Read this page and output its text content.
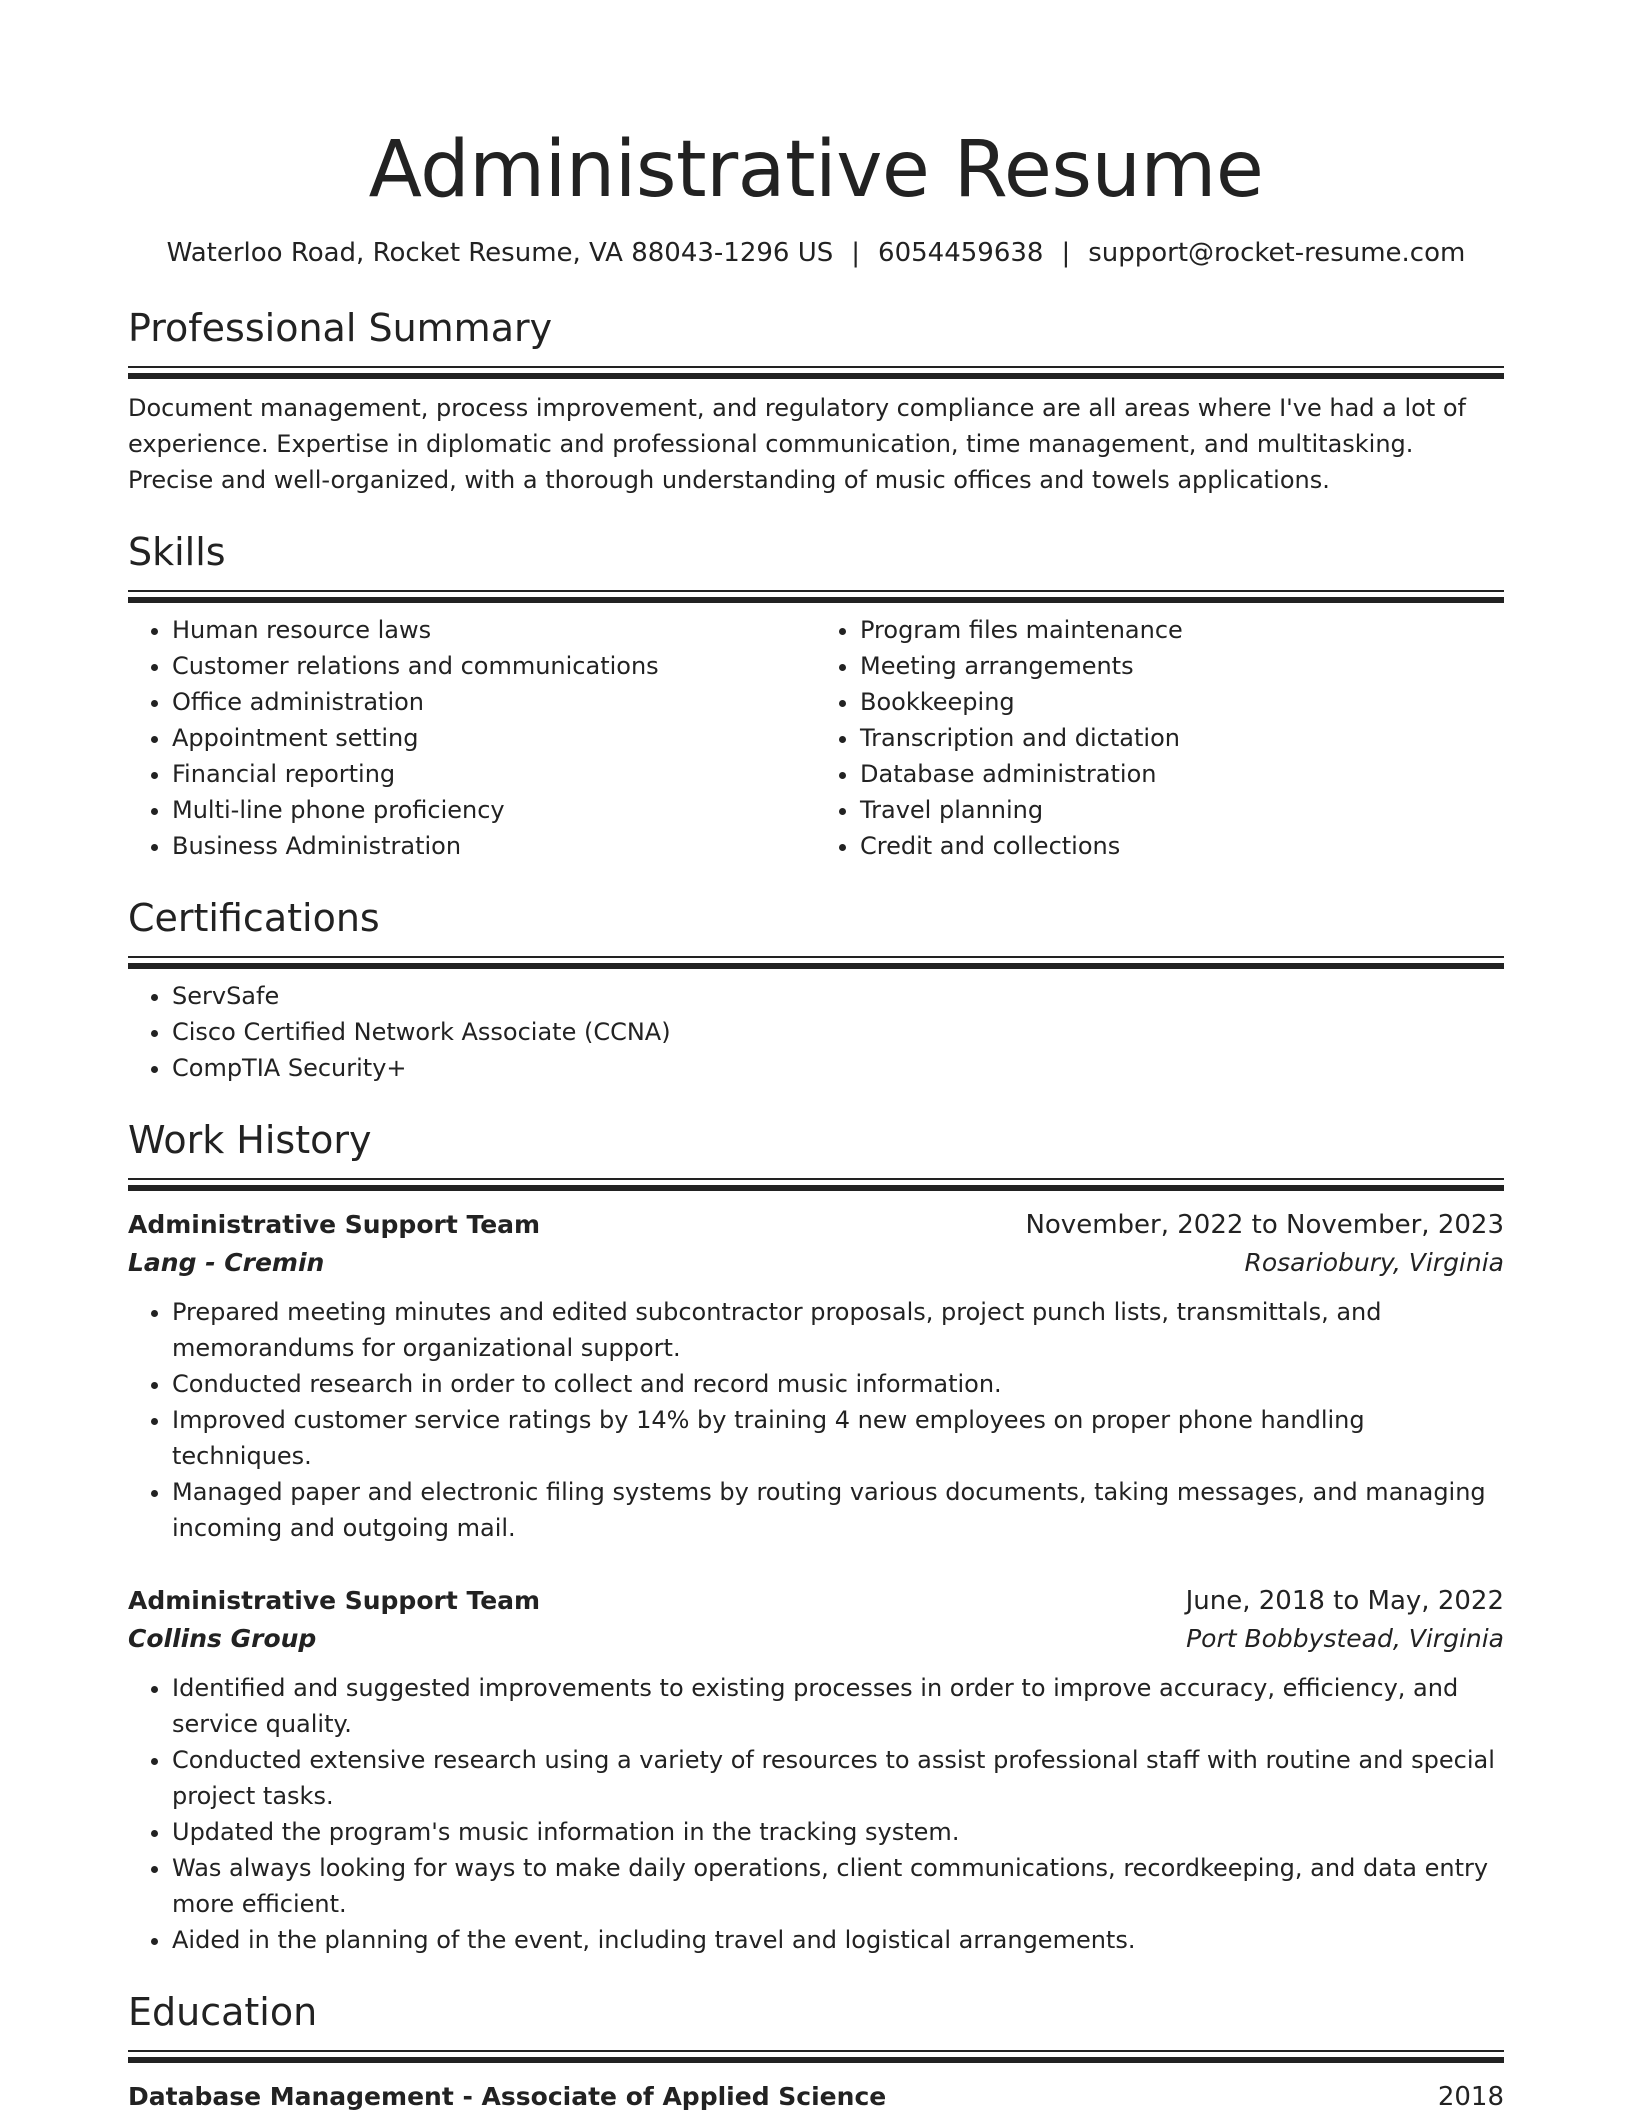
Administrative Resume
Waterloo Road, Rocket Resume, VA 88043-1296 US | 6054459638 | support@rocket-resume.com
Professional Summary
Document management, process improvement, and regulatory compliance are all areas where I've had a lot of experience. Expertise in diplomatic and professional communication, time management, and multitasking. Precise and well-organized, with a thorough understanding of music offices and towels applications.
Skills
• Human resource laws
• Customer relations and communications
• Office administration
• Appointment setting
• Financial reporting
• Multi-line phone proficiency
• Business Administration
• Program files maintenance
• Meeting arrangements
• Bookkeeping
• Transcription and dictation
• Database administration
• Travel planning
• Credit and collections
Certifications
• ServSafe
• Cisco Certified Network Associate (CCNA)
• CompTIA Security+
Work History
Administrative Support Team	November, 2022 to November, 2023
Lang - Cremin	Rosariobury, Virginia
• Prepared meeting minutes and edited subcontractor proposals, project punch lists, transmittals, and memorandums for organizational support.
• Conducted research in order to collect and record music information.
• Improved customer service ratings by 14% by training 4 new employees on proper phone handling techniques.
• Managed paper and electronic filing systems by routing various documents, taking messages, and managing incoming and outgoing mail.
Administrative Support Team	June, 2018 to May, 2022
Collins Group	Port Bobbystead, Virginia
• Identified and suggested improvements to existing processes in order to improve accuracy, efficiency, and service quality.
• Conducted extensive research using a variety of resources to assist professional staff with routine and special project tasks.
• Updated the program's music information in the tracking system.
• Was always looking for ways to make daily operations, client communications, recordkeeping, and data entry more efficient.
• Aided in the planning of the event, including travel and logistical arrangements.
Education
Database Management - Associate of Applied Science	2018
